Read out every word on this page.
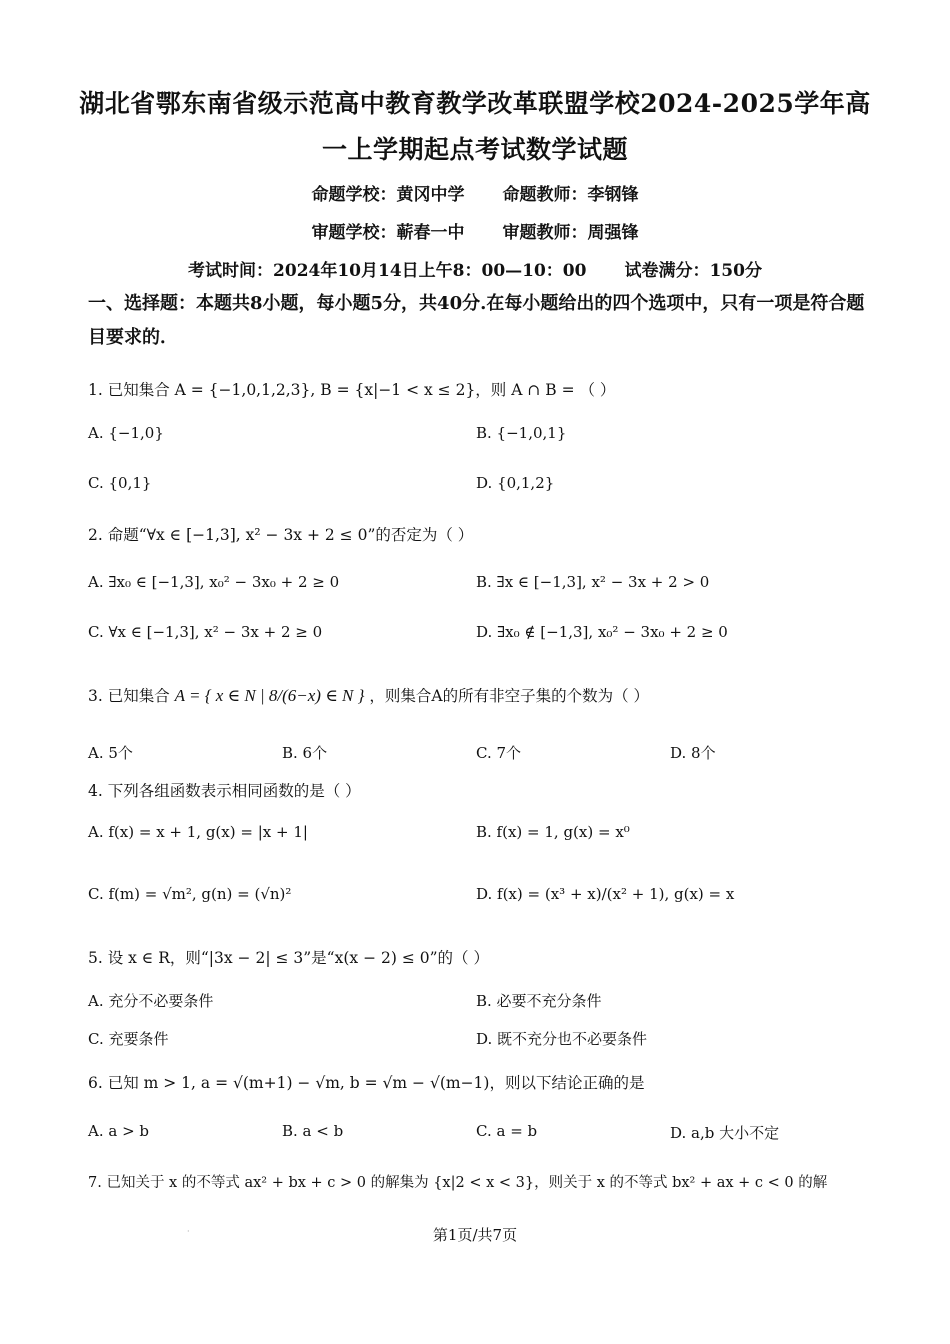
湖北省鄂东南省级示范高中教育教学改革联盟学校2024-2025学年高
一上学期起点考试数学试题
命题学校：黄冈中学 命题教师：李钢锋
审题学校：蕲春一中 审题教师：周强锋
考试时间：2024年10月14日上午8：00—10：00 试卷满分：150分
一、选择题：本题共8小题，每小题5分，共40分.在每小题给出的四个选项中，只有一项是符合题目要求的．
1. 已知集合 A = {−1,0,1,2,3}, B = {x|−1 < x ≤ 2}，则 A ∩ B = （ ）
A. {−1,0}	B. {−1,0,1}
C. {0,1}	D. {0,1,2}
2. 命题“∀x ∈ [−1,3], x² − 3x + 2 ≤ 0”的否定为（ ）
A. ∃x₀ ∈ [−1,3], x₀² − 3x₀ + 2 ≥ 0	B. ∃x ∈ [−1,3], x² − 3x + 2 > 0
C. ∀x ∈ [−1,3], x² − 3x + 2 ≥ 0	D. ∃x₀ ∉ [−1,3], x₀² − 3x₀ + 2 ≥ 0
3. 已知集合 A = { x ∈ N | 8/(6−x) ∈ N } ，则集合A的所有非空子集的个数为（ ）
A. 5个	B. 6个	C. 7个	D. 8个
4. 下列各组函数表示相同函数的是（ ）
A. f(x) = x + 1, g(x) = |x + 1|	B. f(x) = 1, g(x) = x⁰
C. f(m) = √m², g(n) = (√n)²	D. f(x) = (x³ + x)/(x² + 1), g(x) = x
5. 设 x ∈ R，则“|3x − 2| ≤ 3”是“x(x − 2) ≤ 0”的（ ）
A. 充分不必要条件	B. 必要不充分条件
C. 充要条件	D. 既不充分也不必要条件
6. 已知 m > 1, a = √(m+1) − √m, b = √m − √(m−1)，则以下结论正确的是
A. a > b	B. a < b	C. a = b	D. a,b 大小不定
7. 已知关于 x 的不等式 ax² + bx + c > 0 的解集为 {x|2 < x < 3}，则关于 x 的不等式 bx² + ax + c < 0 的解
·	第1页/共7页
